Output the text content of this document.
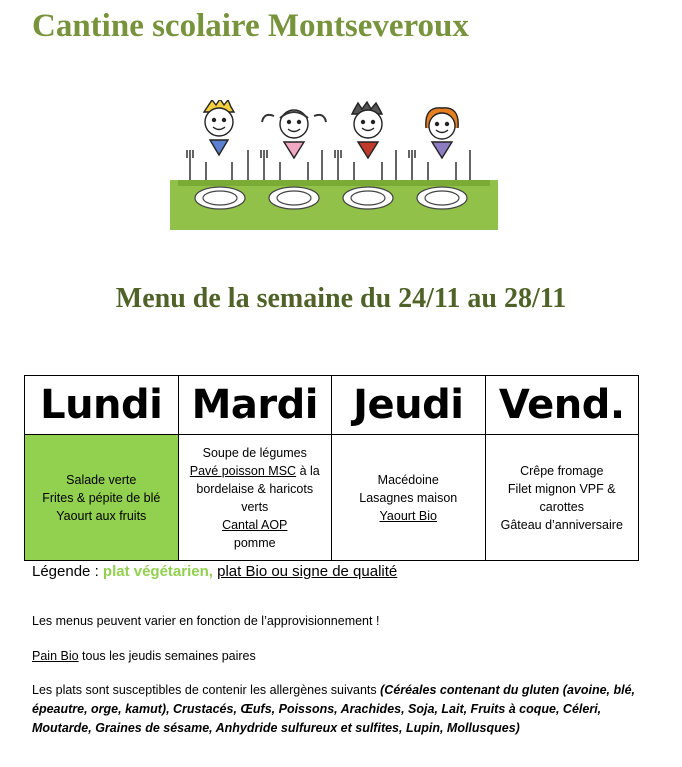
Cantine scolaire Montseveroux
Menu de la semaine du 24/11 au 28/11
Lundi	Mardi	Jeudi	Vend.

Salade verte
Frites & pépite de blé
Yaourt aux fruits	Soupe de légumes
Pavé poisson MSC à la bordelaise & haricots verts
Cantal AOP
pomme	Macédoine
Lasagnes maison
Yaourt Bio	Crêpe fromage
Filet mignon VPF & carottes
Gâteau d’anniversaire
Légende : plat végétarien, plat Bio ou signe de qualité
Les menus peuvent varier en fonction de l’approvisionnement !
Pain Bio tous les jeudis semaines paires
Les plats sont susceptibles de contenir les allergènes suivants (Céréales contenant du gluten (avoine, blé, épeautre, orge, kamut), Crustacés, Œufs, Poissons, Arachides, Soja, Lait, Fruits à coque, Céleri, Moutarde, Graines de sésame, Anhydride sulfureux et sulfites, Lupin, Mollusques)
